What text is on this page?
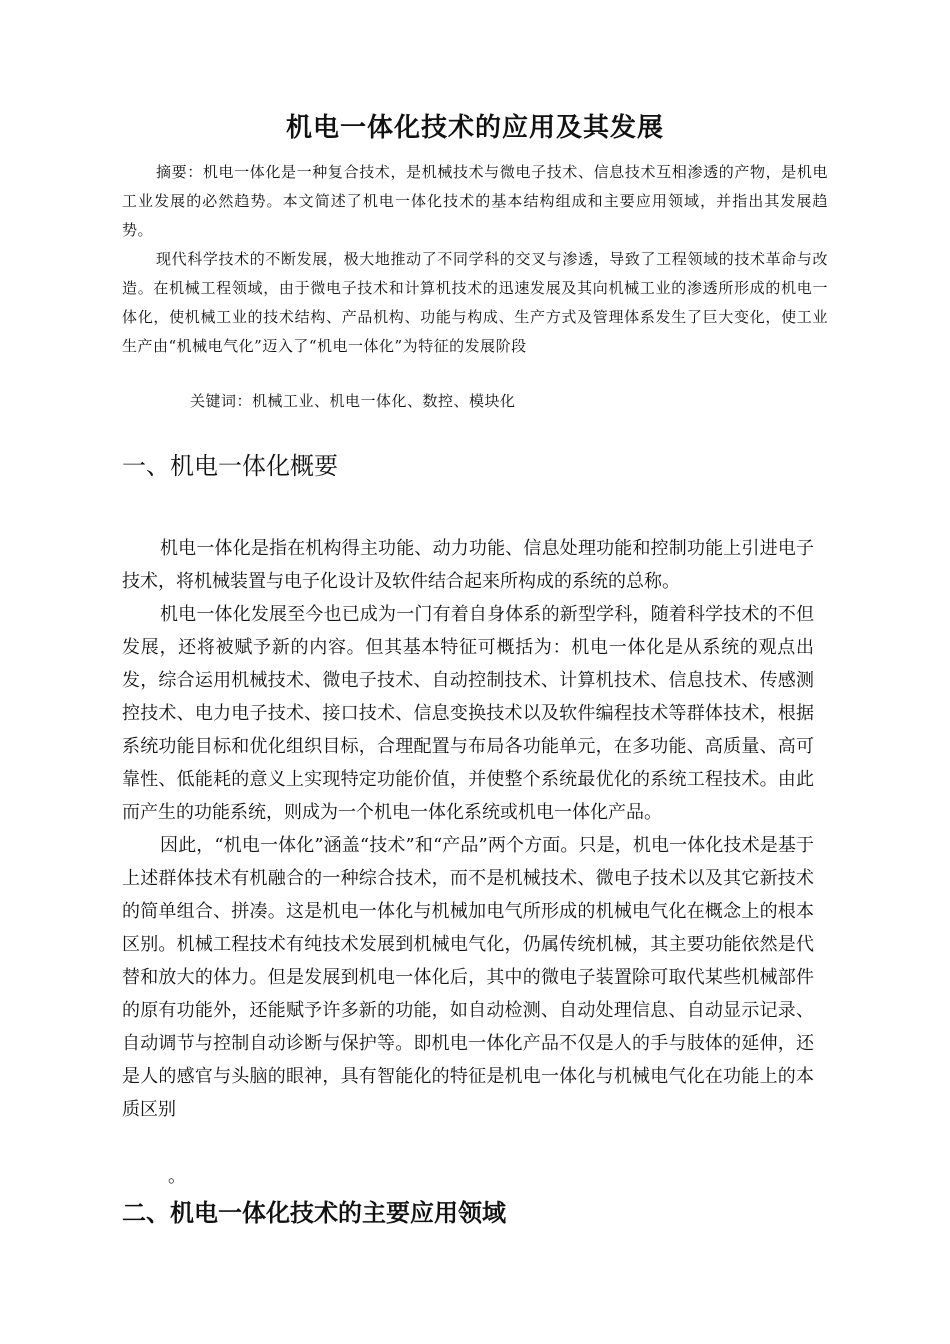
机电一体化技术的应用及其发展

摘要：机电一体化是一种复合技术，是机械技术与微电子技术、信息技术互相渗透的产物，是机电工业发展的必然趋势。本文简述了机电一体化技术的基本结构组成和主要应用领域，并指出其发展趋势。

现代科学技术的不断发展，极大地推动了不同学科的交叉与渗透，导致了工程领域的技术革命与改造。在机械工程领域，由于微电子技术和计算机技术的迅速发展及其向机械工业的渗透所形成的机电一体化，使机械工业的技术结构、产品机构、功能与构成、生产方式及管理体系发生了巨大变化，使工业生产由“机械电气化”迈入了“机电一体化”为特征的发展阶段

关键词：机械工业、机电一体化、数控、模块化
一、机电一体化概要

机电一体化是指在机构得主功能、动力功能、信息处理功能和控制功能上引进电子技术，将机械装置与电子化设计及软件结合起来所构成的系统的总称。

机电一体化发展至今也已成为一门有着自身体系的新型学科，随着科学技术的不但发展，还将被赋予新的内容。但其基本特征可概括为：机电一体化是从系统的观点出发，综合运用机械技术、微电子技术、自动控制技术、计算机技术、信息技术、传感测控技术、电力电子技术、接口技术、信息变换技术以及软件编程技术等群体技术，根据系统功能目标和优化组织目标，合理配置与布局各功能单元，在多功能、高质量、高可靠性、低能耗的意义上实现特定功能价值，并使整个系统最优化的系统工程技术。由此而产生的功能系统，则成为一个机电一体化系统或机电一体化产品。

因此，“机电一体化”涵盖“技术”和“产品”两个方面。只是，机电一体化技术是基于上述群体技术有机融合的一种综合技术，而不是机械技术、微电子技术以及其它新技术的简单组合、拼凑。这是机电一体化与机械加电气所形成的机械电气化在概念上的根本区别。机械工程技术有纯技术发展到机械电气化，仍属传统机械，其主要功能依然是代替和放大的体力。但是发展到机电一体化后，其中的微电子装置除可取代某些机械部件的原有功能外，还能赋予许多新的功能，如自动检测、自动处理信息、自动显示记录、自动调节与控制自动诊断与保护等。即机电一体化产品不仅是人的手与肢体的延伸，还是人的感官与头脑的眼神，具有智能化的特征是机电一体化与机械电气化在功能上的本质区别

。
二、机电一体化技术的主要应用领域
